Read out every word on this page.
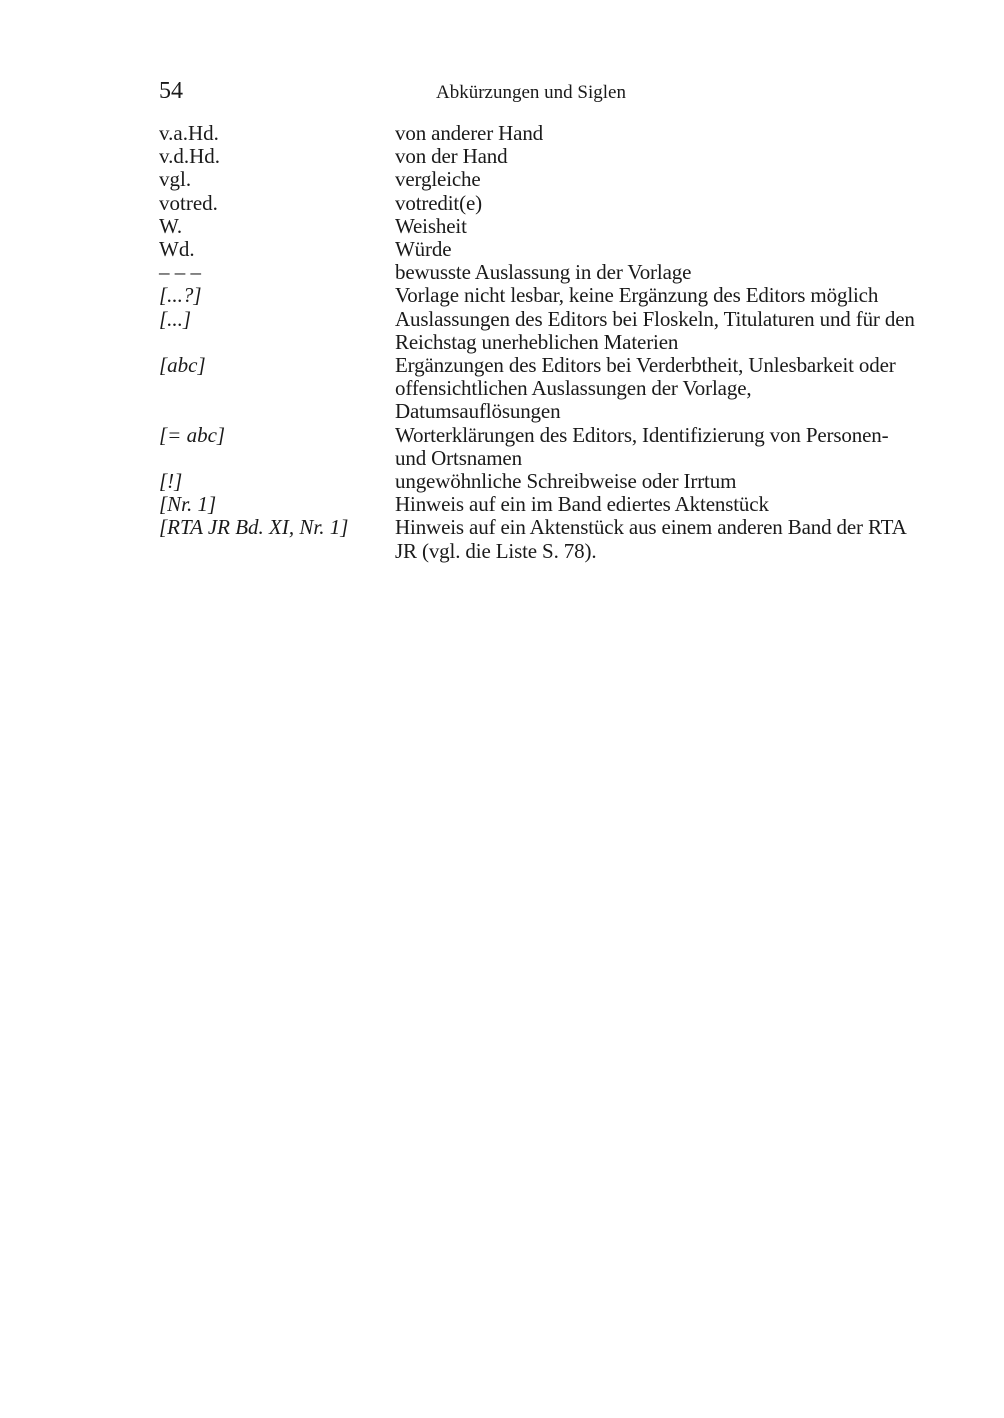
54	Abkürzungen und Siglen
v.a.Hd.	von anderer Hand
v.d.Hd.	von der Hand
vgl.	vergleiche
votred.	votredit(e)
W.	Weisheit
Wd.	Würde
– – –	bewusste Auslassung in der Vorlage
[...?]	Vorlage nicht lesbar, keine Ergänzung des Editors möglich
[...]	Auslassungen des Editors bei Floskeln, Titulaturen und für den Reichstag unerheblichen Materien
[abc]	Ergänzungen des Editors bei Verderbtheit, Unlesbarkeit oder offensichtlichen Auslassungen der Vorlage, Datumsauflösungen
[= abc]	Worterklärungen des Editors, Identifizierung von Personen- und Ortsnamen
[!]	ungewöhnliche Schreibweise oder Irrtum
[Nr. 1]	Hinweis auf ein im Band ediertes Aktenstück
[RTA JR Bd. XI, Nr. 1]	Hinweis auf ein Aktenstück aus einem anderen Band der RTA JR (vgl. die Liste S. 78).
